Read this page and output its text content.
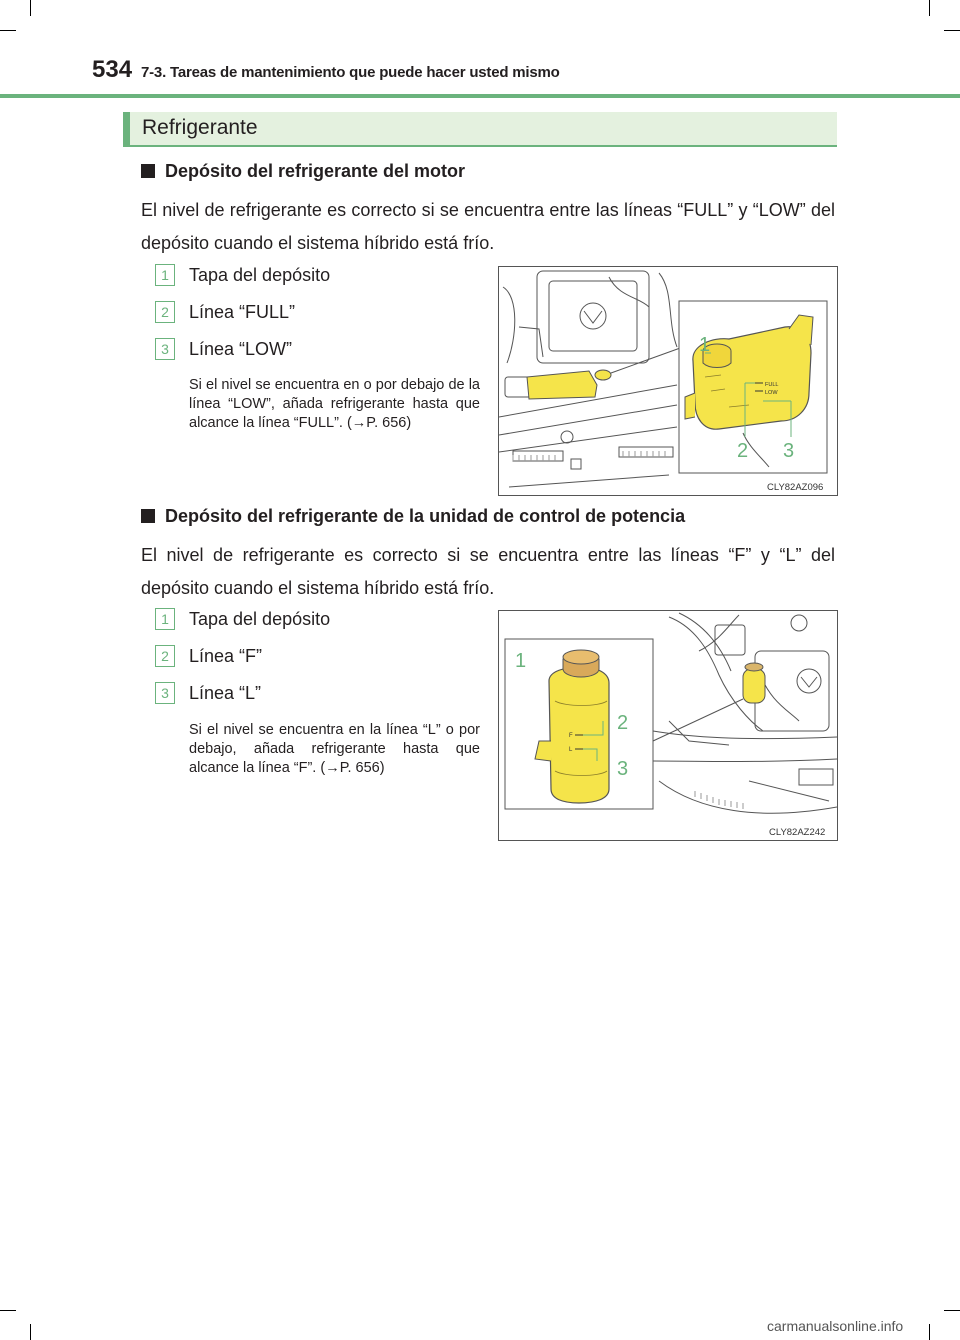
534 7-3. Tareas de mantenimiento que puede hacer usted mismo
Refrigerante
Depósito del refrigerante del motor
El nivel de refrigerante es correcto si se encuentra entre las líneas “FULL” y “LOW” del depósito cuando el sistema híbrido está frío.
1 Tapa del depósito
2 Línea “FULL”
3 Línea “LOW”
Si el nivel se encuentra en o por debajo de la línea “LOW”, añada refrigerante hasta que alcance la línea “FULL”. (→P. 656)
FULL
LOW
1
2 3
CLY82AZ096
Depósito del refrigerante de la unidad de control de potencia
El nivel de refrigerante es correcto si se encuentra entre las líneas “F” y “L” del depósito cuando el sistema híbrido está frío.
1 Tapa del depósito
2 Línea “F”
3 Línea “L”
Si el nivel se encuentra en la línea “L” o por debajo, añada refrigerante hasta que alcance la línea “F”. (→P. 656)
F
L
1
2
3
CLY82AZ242
carmanualsonline.info
